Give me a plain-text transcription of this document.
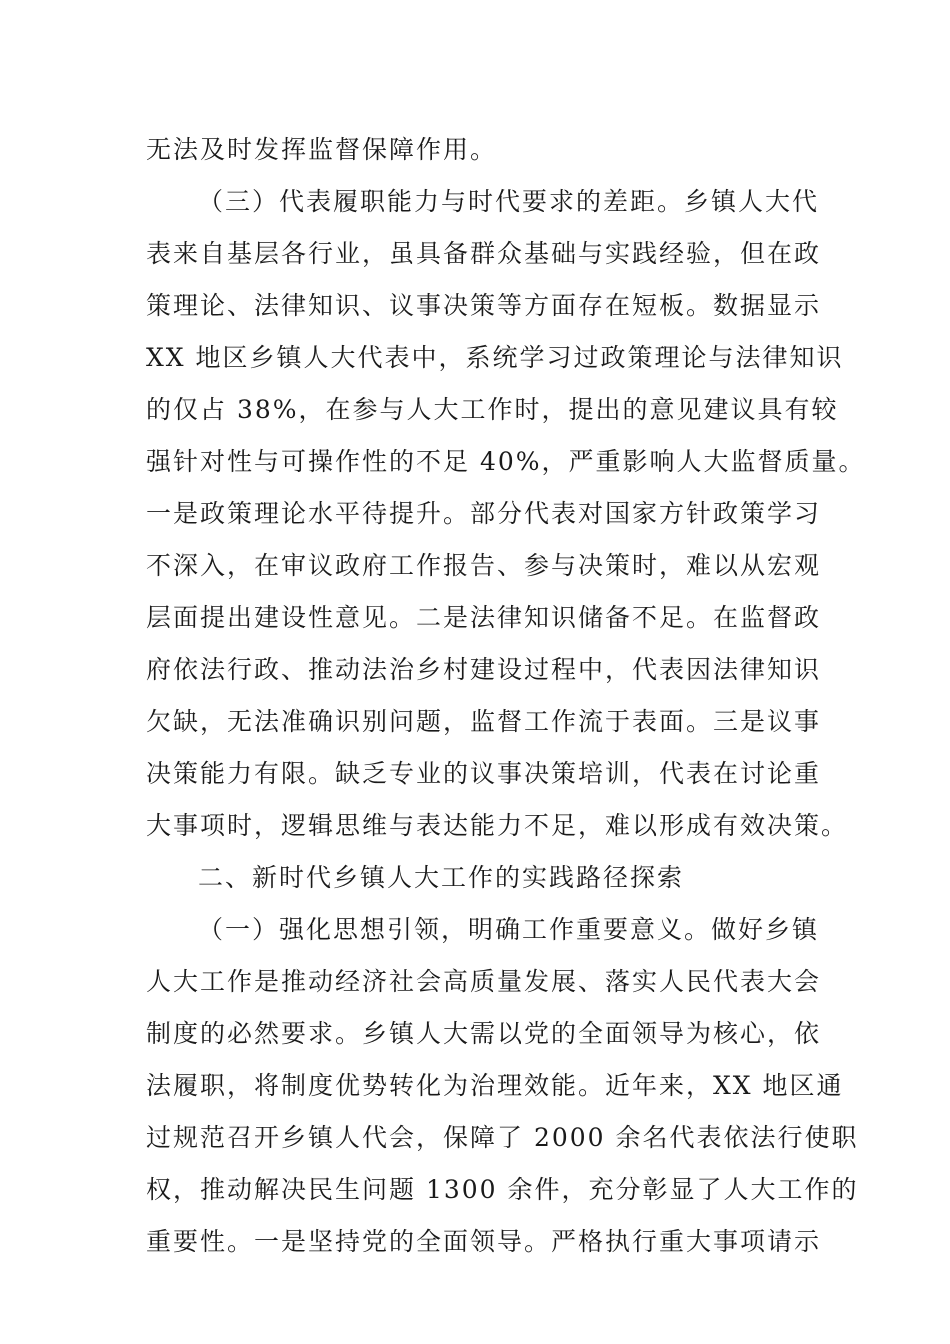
无法及时发挥监督保障作用。
（三）代表履职能力与时代要求的差距。乡镇人大代
表来自基层各行业，虽具备群众基础与实践经验，但在政
策理论、法律知识、议事决策等方面存在短板。数据显示
XX 地区乡镇人大代表中，系统学习过政策理论与法律知识
的仅占 38%，在参与人大工作时，提出的意见建议具有较
强针对性与可操作性的不足 40%，严重影响人大监督质量。
一是政策理论水平待提升。部分代表对国家方针政策学习
不深入，在审议政府工作报告、参与决策时，难以从宏观
层面提出建设性意见。二是法律知识储备不足。在监督政
府依法行政、推动法治乡村建设过程中，代表因法律知识
欠缺，无法准确识别问题，监督工作流于表面。三是议事
决策能力有限。缺乏专业的议事决策培训，代表在讨论重
大事项时，逻辑思维与表达能力不足，难以形成有效决策。
二、新时代乡镇人大工作的实践路径探索
（一）强化思想引领，明确工作重要意义。做好乡镇
人大工作是推动经济社会高质量发展、落实人民代表大会
制度的必然要求。乡镇人大需以党的全面领导为核心，依
法履职，将制度优势转化为治理效能。近年来，XX 地区通
过规范召开乡镇人代会，保障了 2000 余名代表依法行使职
权，推动解决民生问题 1300 余件，充分彰显了人大工作的
重要性。一是坚持党的全面领导。严格执行重大事项请示
